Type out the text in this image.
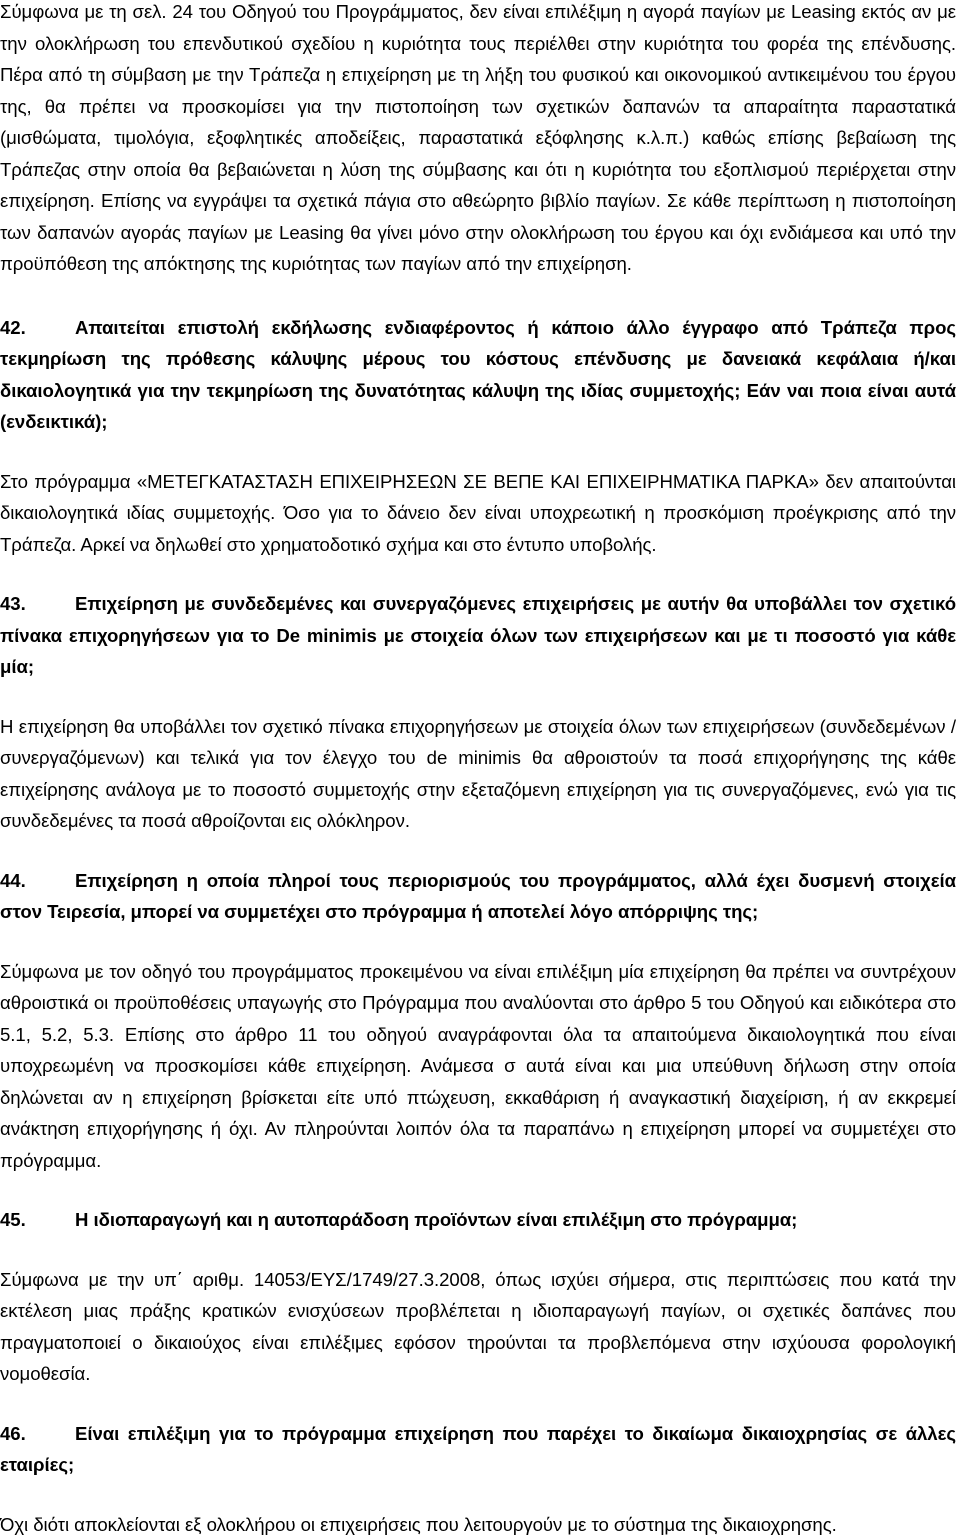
Σύμφωνα με τη σελ. 24 του Οδηγού του Προγράμματος, δεν είναι επιλέξιμη η αγορά παγίων με Leasing εκτός αν με την ολοκλήρωση του επενδυτικού σχεδίου η κυριότητα τους περιέλθει στην κυριότητα του φορέα της επένδυσης. Πέρα από τη σύμβαση με την Τράπεζα η επιχείρηση με τη λήξη του φυσικού και οικονομικού αντικειμένου του έργου της, θα πρέπει να προσκομίσει για την πιστοποίηση των σχετικών δαπανών τα απαραίτητα παραστατικά (μισθώματα, τιμολόγια, εξοφλητικές αποδείξεις, παραστατικά εξόφλησης κ.λ.π.) καθώς επίσης βεβαίωση της Τράπεζας στην οποία θα βεβαιώνεται η λύση της σύμβασης και ότι η κυριότητα του εξοπλισμού περιέρχεται στην επιχείρηση. Επίσης να εγγράψει τα σχετικά πάγια στο αθεώρητο βιβλίο παγίων. Σε κάθε περίπτωση η πιστοποίηση των δαπανών αγοράς παγίων με Leasing θα γίνει μόνο στην ολοκλήρωση του έργου και όχι ενδιάμεσα και υπό την προϋπόθεση της απόκτησης της κυριότητας των παγίων από την επιχείρηση.

42.	Απαιτείται επιστολή εκδήλωσης ενδιαφέροντος ή κάποιο άλλο έγγραφο από Τράπεζα προς τεκμηρίωση της πρόθεσης κάλυψης μέρους του κόστους επένδυσης με δανειακά κεφάλαια ή/και δικαιολογητικά για την τεκμηρίωση της δυνατότητας κάλυψη της ιδίας συμμετοχής; Εάν ναι ποια είναι αυτά (ενδεικτικά);

Στο πρόγραμμα «ΜΕΤΕΓΚΑΤΑΣΤΑΣΗ ΕΠΙΧΕΙΡΗΣΕΩΝ ΣΕ ΒΕΠΕ ΚΑΙ ΕΠΙΧΕΙΡΗΜΑΤΙΚΑ ΠΑΡΚΑ» δεν απαιτούνται δικαιολογητικά ιδίας συμμετοχής. Όσο για το δάνειο δεν είναι υποχρεωτική η προσκόμιση προέγκρισης από την Τράπεζα. Αρκεί να δηλωθεί στο χρηματοδοτικό σχήμα και στο έντυπο υποβολής.

43.	Επιχείρηση με συνδεδεμένες και συνεργαζόμενες επιχειρήσεις με αυτήν θα υποβάλλει τον σχετικό πίνακα επιχορηγήσεων για το De minimis με στοιχεία όλων των επιχειρήσεων και με τι ποσοστό για κάθε μία;

Η επιχείρηση θα υποβάλλει τον σχετικό πίνακα επιχορηγήσεων με στοιχεία όλων των επιχειρήσεων (συνδεδεμένων / συνεργαζόμενων) και τελικά για τον έλεγχο του de minimis θα αθροιστούν τα ποσά επιχορήγησης της κάθε επιχείρησης ανάλογα με το ποσοστό συμμετοχής στην εξεταζόμενη επιχείρηση για τις συνεργαζόμενες, ενώ για τις συνδεδεμένες τα ποσά αθροίζονται εις ολόκληρον.

44.	Επιχείρηση η οποία πληροί τους περιορισμούς του προγράμματος, αλλά έχει δυσμενή στοιχεία στον Τειρεσία, μπορεί να συμμετέχει στο πρόγραμμα ή αποτελεί λόγο απόρριψης της;

Σύμφωνα με τον οδηγό του προγράμματος προκειμένου να είναι επιλέξιμη μία επιχείρηση θα πρέπει να συντρέχουν αθροιστικά οι προϋποθέσεις υπαγωγής στο Πρόγραμμα που αναλύονται στο άρθρο 5 του Οδηγού και ειδικότερα στο 5.1, 5.2, 5.3. Επίσης στο άρθρο 11 του οδηγού αναγράφονται όλα τα απαιτούμενα δικαιολογητικά που είναι υποχρεωμένη να προσκομίσει κάθε επιχείρηση. Ανάμεσα σ αυτά είναι και μια υπεύθυνη δήλωση στην οποία δηλώνεται αν η επιχείρηση βρίσκεται είτε υπό πτώχευση, εκκαθάριση ή αναγκαστική διαχείριση, ή αν εκκρεμεί ανάκτηση επιχορήγησης ή όχι. Αν πληρούνται λοιπόν όλα τα παραπάνω η επιχείρηση μπορεί να συμμετέχει στο πρόγραμμα.

45.	Η ιδιοπαραγωγή και η αυτοπαράδοση προϊόντων είναι επιλέξιμη στο πρόγραμμα;

Σύμφωνα με την υπ΄ αριθμ. 14053/ΕΥΣ/1749/27.3.2008, όπως ισχύει σήμερα, στις περιπτώσεις που κατά την εκτέλεση μιας πράξης κρατικών ενισχύσεων προβλέπεται η ιδιοπαραγωγή παγίων, οι σχετικές δαπάνες που πραγματοποιεί ο δικαιούχος είναι επιλέξιμες εφόσον τηρούνται τα προβλεπόμενα στην ισχύουσα φορολογική νομοθεσία.

46.	Είναι επιλέξιμη για το πρόγραμμα επιχείρηση που παρέχει το δικαίωμα δικαιοχρησίας σε άλλες εταιρίες;

Όχι διότι αποκλείονται εξ ολοκλήρου οι επιχειρήσεις που λειτουργούν με το σύστημα της δικαιοχρησης.
